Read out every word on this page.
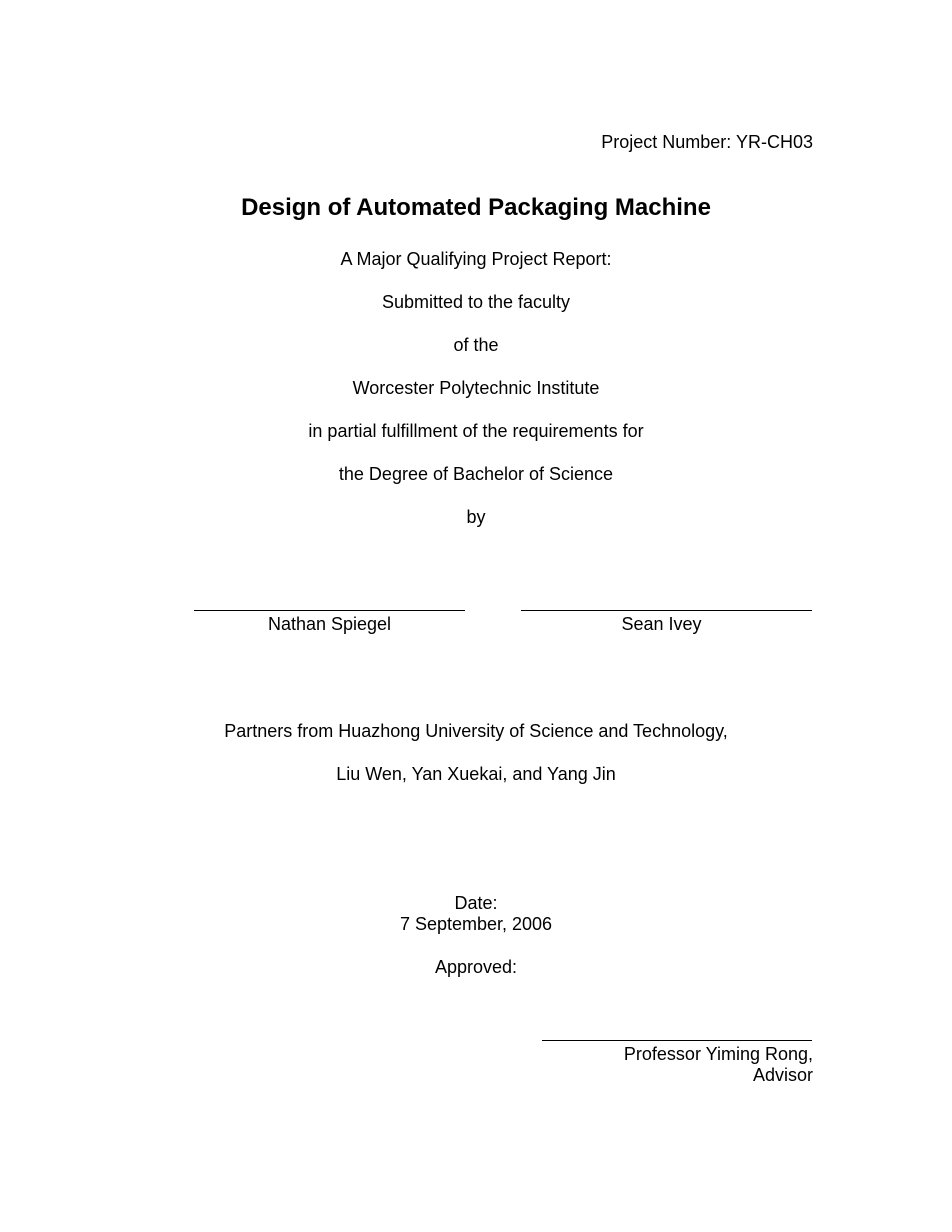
Project Number: YR-CH03
Design of Automated Packaging Machine
A Major Qualifying Project Report:
Submitted to the faculty
of the
Worcester Polytechnic Institute
in partial fulfillment of the requirements for
the Degree of Bachelor of Science
by
Nathan Spiegel	Sean Ivey
Partners from Huazhong University of Science and Technology,
Liu Wen, Yan Xuekai, and Yang Jin
Date:
7 September, 2006
Approved:
Professor Yiming Rong,
Advisor
